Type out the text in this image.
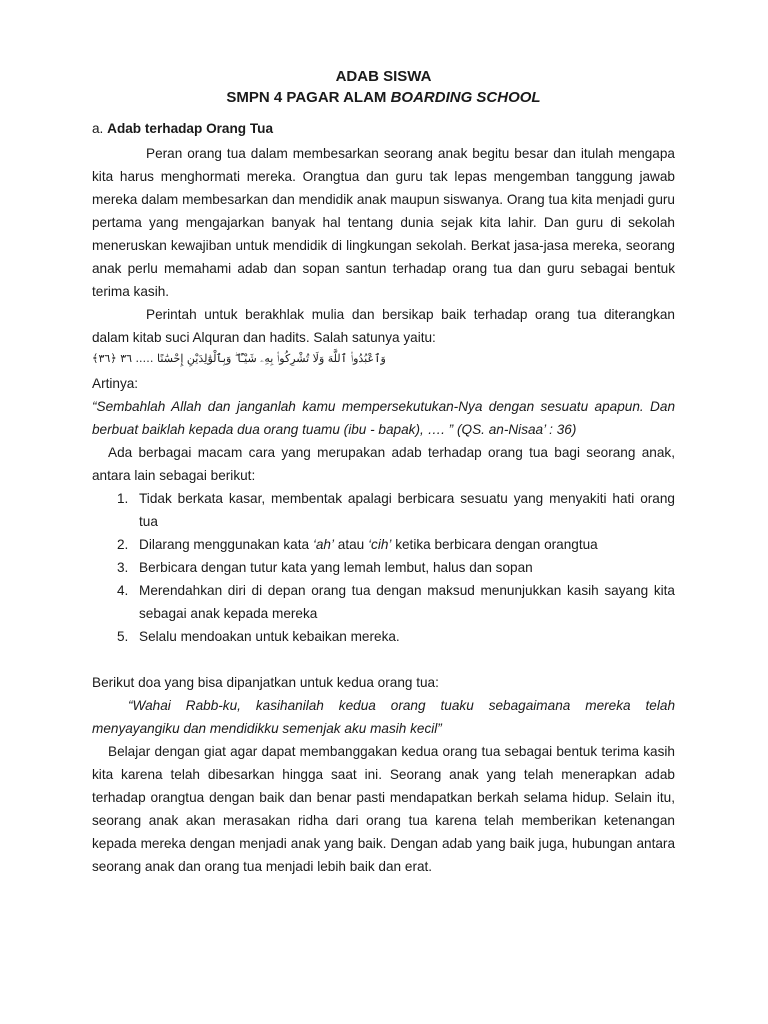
ADAB SISWA
SMPN 4 PAGAR ALAM BOARDING SCHOOL
a. Adab terhadap Orang Tua

Peran orang tua dalam membesarkan seorang anak begitu besar dan itulah mengapa kita harus menghormati mereka. Orangtua dan guru tak lepas mengemban tanggung jawab mereka dalam membesarkan dan mendidik anak maupun siswanya. Orang tua kita menjadi guru pertama yang mengajarkan banyak hal tentang dunia sejak kita lahir. Dan guru di sekolah meneruskan kewajiban untuk mendidik di lingkungan sekolah. Berkat jasa-jasa mereka, seorang anak perlu memahami adab dan sopan santun terhadap orang tua dan guru sebagai bentuk terima kasih.

Perintah untuk berakhlak mulia dan bersikap baik terhadap orang tua diterangkan dalam kitab suci Alquran dan hadits. Salah satunya yaitu:

وَٱعْبُدُوا۟ ٱللَّهَ وَلَا تُشْرِكُوا۟ بِهِۦ شَيْـًٔا ۖ وَبِٱلْوَٰلِدَيْنِ إِحْسَٰنًا ….. ٣٦ ﴿٣٦﴾

Artinya:

“Sembahlah Allah dan janganlah kamu mempersekutukan-Nya dengan sesuatu apapun. Dan berbuat baiklah kepada dua orang tuamu (ibu - bapak), …. ” (QS. an-Nisaa’ : 36)

Ada berbagai macam cara yang merupakan adab terhadap orang tua bagi seorang anak, antara lain sebagai berikut:

1. Tidak berkata kasar, membentak apalagi berbicara sesuatu yang menyakiti hati orang tua
2. Dilarang menggunakan kata ‘ah’ atau ‘cih’ ketika berbicara dengan orangtua
3. Berbicara dengan tutur kata yang lemah lembut, halus dan sopan
4. Merendahkan diri di depan orang tua dengan maksud menunjukkan kasih sayang kita sebagai anak kepada mereka
5. Selalu mendoakan untuk kebaikan mereka.

Berikut doa yang bisa dipanjatkan untuk kedua orang tua:

“Wahai Rabb-ku, kasihanilah kedua orang tuaku sebagaimana mereka telah menyayangiku dan mendidikku semenjak aku masih kecil”

Belajar dengan giat agar dapat membanggakan kedua orang tua sebagai bentuk terima kasih kita karena telah dibesarkan hingga saat ini. Seorang anak yang telah menerapkan adab terhadap orangtua dengan baik dan benar pasti mendapatkan berkah selama hidup. Selain itu, seorang anak akan merasakan ridha dari orang tua karena telah memberikan ketenangan kepada mereka dengan menjadi anak yang baik. Dengan adab yang baik juga, hubungan antara seorang anak dan orang tua menjadi lebih baik dan erat.
